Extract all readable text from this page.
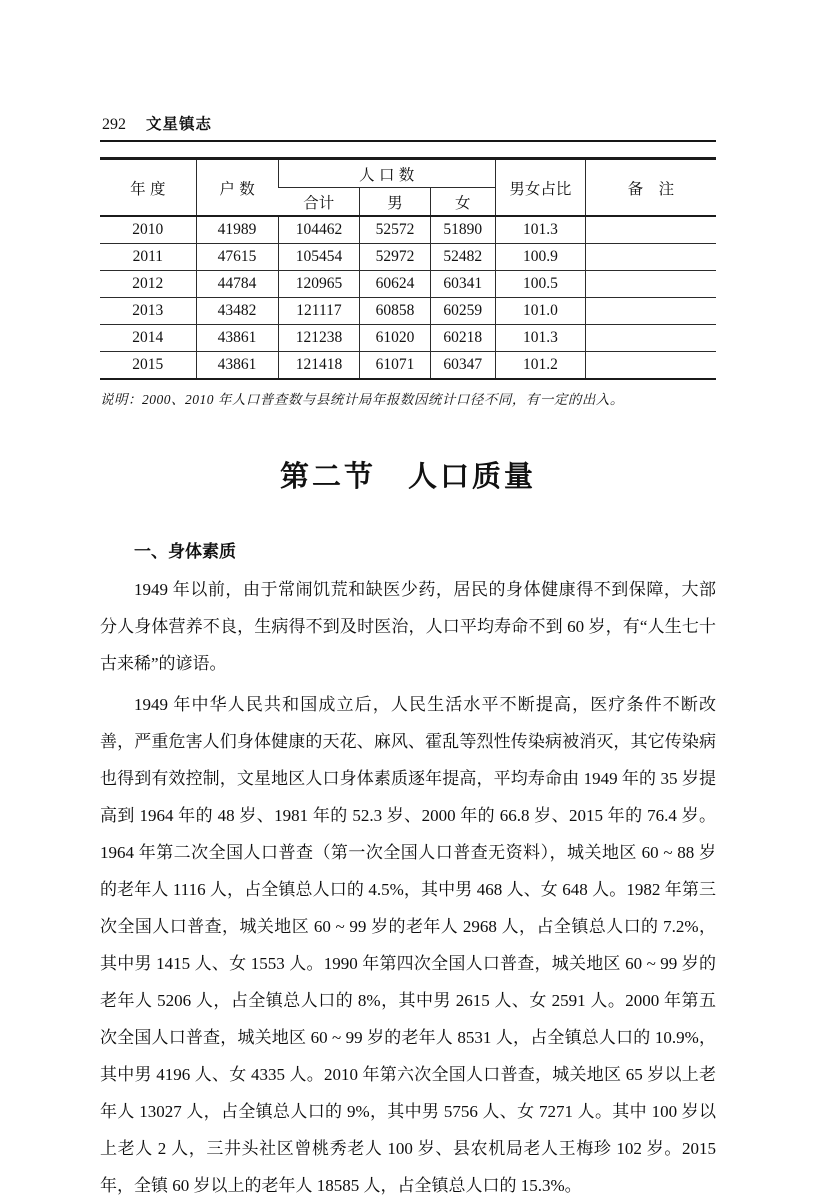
292 文星镇志
年 度	户 数	人 口 数			男女占比	备　注
		合计	男	女		
2010	41989	104462	52572	51890	101.3	
2011	47615	105454	52972	52482	100.9	
2012	44784	120965	60624	60341	100.5	
2013	43482	121117	60858	60259	101.0	
2014	43861	121238	61020	60218	101.3	
2015	43861	121418	61071	60347	101.2	

说明：2000、2010 年人口普查数与县统计局年报数因统计口径不同，有一定的出入。

第二节　人口质量
一、身体素质

1949 年以前，由于常闹饥荒和缺医少药，居民的身体健康得不到保障，大部分人身体营养不良，生病得不到及时医治，人口平均寿命不到 60 岁，有“人生七十古来稀”的谚语。

1949 年中华人民共和国成立后，人民生活水平不断提高，医疗条件不断改善，严重危害人们身体健康的天花、麻风、霍乱等烈性传染病被消灭，其它传染病也得到有效控制，文星地区人口身体素质逐年提高，平均寿命由 1949 年的 35 岁提高到 1964 年的 48 岁、1981 年的 52.3 岁、2000 年的 66.8 岁、2015 年的 76.4 岁。1964 年第二次全国人口普查（第一次全国人口普查无资料），城关地区 60 ~ 88 岁的老年人 1116 人，占全镇总人口的 4.5%，其中男 468 人、女 648 人。1982 年第三次全国人口普查，城关地区 60 ~ 99 岁的老年人 2968 人，占全镇总人口的 7.2%，其中男 1415 人、女 1553 人。1990 年第四次全国人口普查，城关地区 60 ~ 99 岁的老年人 5206 人，占全镇总人口的 8%，其中男 2615 人、女 2591 人。2000 年第五次全国人口普查，城关地区 60 ~ 99 岁的老年人 8531 人，占全镇总人口的 10.9%，其中男 4196 人、女 4335 人。2010 年第六次全国人口普查，城关地区 65 岁以上老年人 13027 人，占全镇总人口的 9%，其中男 5756 人、女 7271 人。其中 100 岁以上老人 2 人，三井头社区曾桃秀老人 100 岁、县农机局老人王梅珍 102 岁。2015 年，全镇 60 岁以上的老年人 18585 人，占全镇总人口的 15.3%。
